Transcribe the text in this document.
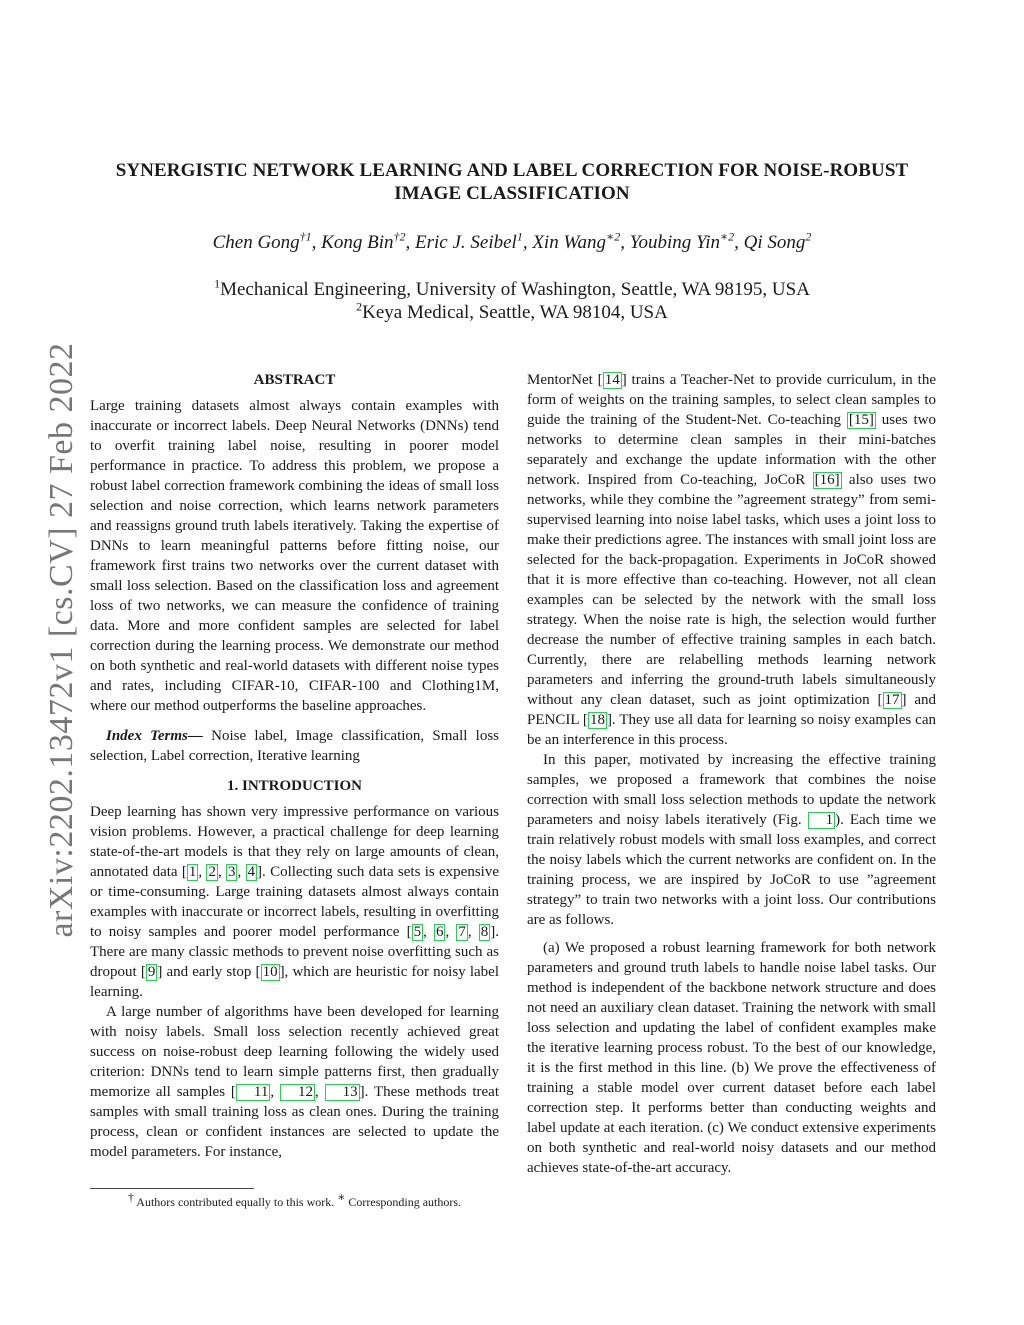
SYNERGISTIC NETWORK LEARNING AND LABEL CORRECTION FOR NOISE-ROBUST
IMAGE CLASSIFICATION
Chen Gong$^{\dagger 1}$, Kong Bin$^{\dagger 2}$, Eric J. Seibel$^1$, Xin Wang$^{∗2}$, Youbing Yin$^{∗2}$, Qi Song$^2$
$^1$Mechanical Engineering, University of Washington, Seattle, WA 98195, USA
$^2$Keya Medical, Seattle, WA 98104, USA
arXiv:2202.13472v1 [cs.CV] 27 Feb 2022	ABSTRACT

Large training datasets almost always contain examples with inaccurate or incorrect labels. Deep Neural Networks (DNNs) tend to overfit training label noise, resulting in poorer model performance in practice. To address this problem, we propose a robust label correction framework combining the ideas of small loss selection and noise correction, which learns network parameters and reassigns ground truth labels iteratively. Taking the expertise of DNNs to learn meaningful patterns before fitting noise, our framework first trains two networks over the current dataset with small loss selection. Based on the classification loss and agreement loss of two networks, we can measure the confidence of training data. More and more confident samples are selected for label correction during the learning process. We demonstrate our method on both synthetic and real-world datasets with different noise types and rates, including CIFAR-10, CIFAR-100 and Clothing1M, where our method outperforms the baseline approaches.

Index Terms— Noise label, Image classification, Small loss selection, Label correction, Iterative learning

1. INTRODUCTION

Deep learning has shown very impressive performance on various vision problems. However, a practical challenge for deep learning state-of-the-art models is that they rely on large amounts of clean, annotated data [ 1 , 2 , 3 , 4 ]. Collecting such data sets is expensive or time-consuming. Large training datasets almost always contain examples with inaccurate or incorrect labels, resulting in overfitting to noisy samples and poorer model performance [ 5 , 6 , 7 , 8 ]. There are many classic methods to prevent noise overfitting such as dropout [ 9 ] and early stop [ 10 ], which are heuristic for noisy label learning.

A large number of algorithms have been developed for learning with noisy labels. Small loss selection recently achieved great success on noise-robust deep learning following the widely used criterion: DNNs tend to learn simple patterns first, then gradually memorize all samples [ 11 , 12 , 13 ]. These methods treat samples with small training loss as clean ones. During the training process, clean or confident instances are selected to update the model parameters. For instance,

MentorNet [ 14 ] trains a Teacher-Net to provide curriculum, in the form of weights on the training samples, to select clean samples to guide the training of the Student-Net. Co-teaching [15] uses two networks to determine clean samples in their mini-batches separately and exchange the update information with the other network. Inspired from Co-teaching, JoCoR [16] also uses two networks, while they combine the ”agreement strategy” from semi-supervised learning into noise label tasks, which uses a joint loss to make their predictions agree. The instances with small joint loss are selected for the back-propagation. Experiments in JoCoR showed that it is more effective than co-teaching. However, not all clean examples can be selected by the network with the small loss strategy. When the noise rate is high, the selection would further decrease the number of effective training samples in each batch. Currently, there are relabelling methods learning network parameters and inferring the ground-truth labels simultaneously without any clean dataset, such as joint optimization [ 17 ] and PENCIL [ 18 ]. They use all data for learning so noisy examples can be an interference in this process.

In this paper, motivated by increasing the effective training samples, we proposed a framework that combines the noise correction with small loss selection methods to update the network parameters and noisy labels iteratively (Fig. 1 ). Each time we train relatively robust models with small loss examples, and correct the noisy labels which the current networks are confident on. In the training process, we are inspired by JoCoR to use ”agreement strategy” to train two networks with a joint loss. Our contributions are as follows.

(a) We proposed a robust learning framework for both network parameters and ground truth labels to handle noise label tasks. Our method is independent of the backbone network structure and does not need an auxiliary clean dataset. Training the network with small loss selection and updating the label of confident examples make the iterative learning process robust. To the best of our knowledge, it is the first method in this line. (b) We prove the effectiveness of training a stable model over current dataset before each label correction step. It performs better than conducting weights and label update at each iteration. (c) We conduct extensive experiments on both synthetic and real-world noisy datasets and our method achieves state-of-the-art accuracy.

† Authors contributed equally to this work. ∗ Corresponding authors.
